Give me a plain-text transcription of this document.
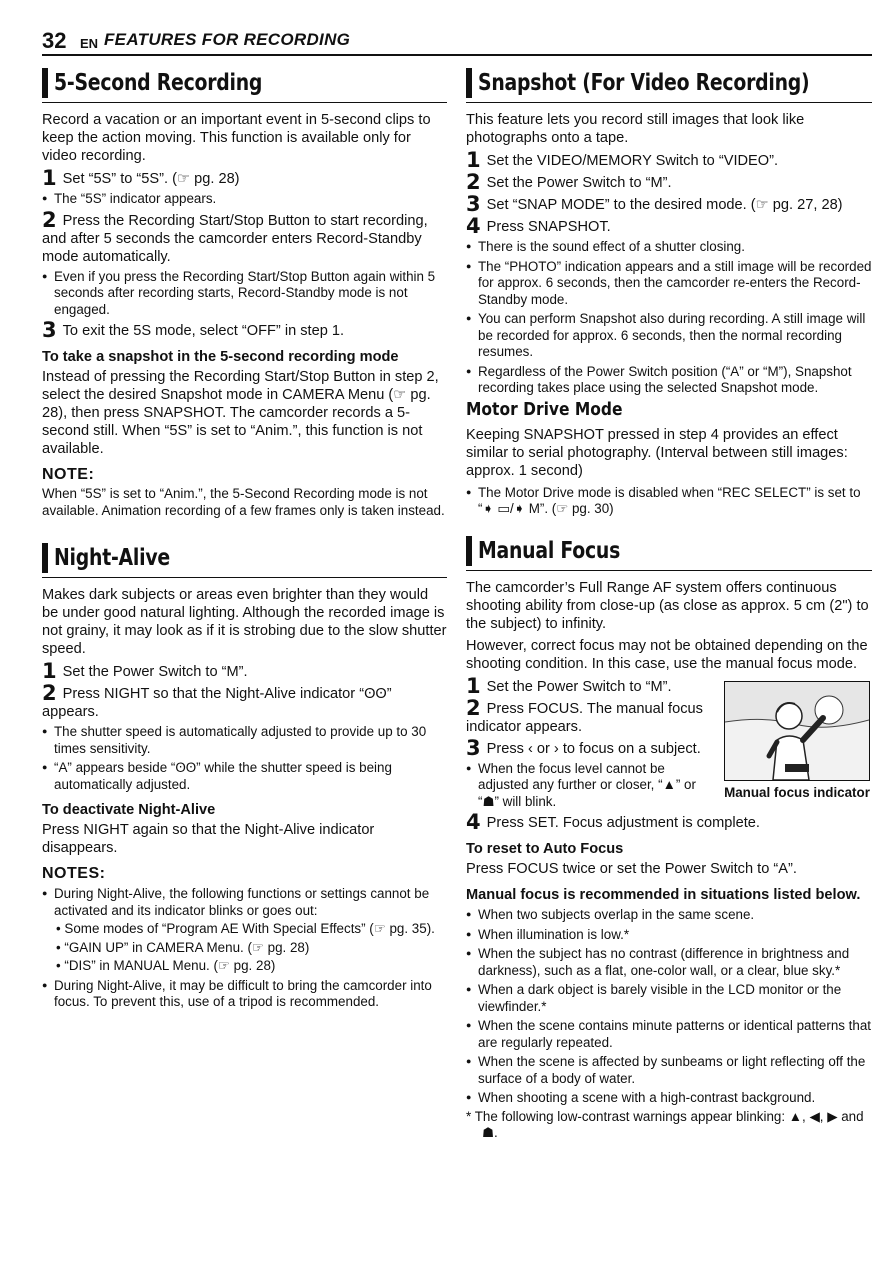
32 EN FEATURES FOR RECORDING
5-Second Recording

Record a vacation or an important event in 5-second clips to keep the action moving. This function is available only for video recording.

1 Set “5S” to “5S”. (☞ pg. 28)
● The “5S” indicator appears.
2 Press the Recording Start/Stop Button to start recording, and after 5 seconds the camcorder enters Record-Standby mode automatically.
● Even if you press the Recording Start/Stop Button again within 5 seconds after recording starts, Record-Standby mode is not engaged.
3 To exit the 5S mode, select “OFF” in step 1.
To take a snapshot in the 5-second recording mode

Instead of pressing the Recording Start/Stop Button in step 2, select the desired Snapshot mode in CAMERA Menu (☞ pg. 28), then press SNAPSHOT. The camcorder records a 5-second still. When “5S” is set to “Anim.”, this function is not available.

NOTE:

When “5S” is set to “Anim.”, the 5-Second Recording mode is not available. Animation recording of a few frames only is taken instead.

Night-Alive

Makes dark subjects or areas even brighter than they would be under good natural lighting. Although the recorded image is not grainy, it may look as if it is strobing due to the slow shutter speed.

1 Set the Power Switch to “M”.
2 Press NIGHT so that the Night-Alive indicator “ʘʘ” appears.
● The shutter speed is automatically adjusted to provide up to 30 times sensitivity.
● “A” appears beside “ʘʘ” while the shutter speed is being automatically adjusted.
To deactivate Night-Alive

Press NIGHT again so that the Night-Alive indicator disappears.

NOTES:
● During Night-Alive, the following functions or settings cannot be activated and its indicator blinks or goes out:
• Some modes of “Program AE With Special Effects” (☞ pg. 35).
• “GAIN UP” in CAMERA Menu. (☞ pg. 28)
• “DIS” in MANUAL Menu. (☞ pg. 28)
● During Night-Alive, it may be difficult to bring the camcorder into focus. To prevent this, use of a tripod is recommended.
Snapshot (For Video Recording)

This feature lets you record still images that look like photographs onto a tape.

1 Set the VIDEO/MEMORY Switch to “VIDEO”.
2 Set the Power Switch to “M”.
3 Set “SNAP MODE” to the desired mode. (☞ pg. 27, 28)
4 Press SNAPSHOT.
● There is the sound effect of a shutter closing.
● The “PHOTO” indication appears and a still image will be recorded for approx. 6 seconds, then the camcorder re-enters the Record-Standby mode.
● You can perform Snapshot also during recording. A still image will be recorded for approx. 6 seconds, then the normal recording resumes.
● Regardless of the Power Switch position (“A” or “M”), Snapshot recording takes place using the selected Snapshot mode.
Motor Drive Mode

Keeping SNAPSHOT pressed in step 4 provides an effect similar to serial photography. (Interval between still images: approx. 1 second)

● The Motor Drive mode is disabled when “REC SELECT” is set to “➧ ▭/➧ M”. (☞ pg. 30)
Manual Focus

The camcorder’s Full Range AF system offers continuous shooting ability from close-up (as close as approx. 5 cm (2") to the subject) to infinity.

However, correct focus may not be obtained depending on the shooting condition. In this case, use the manual focus mode.

Manual focus indicator
1 Set the Power Switch to “M”.
2 Press FOCUS. The manual focus indicator appears.
3 Press ‹ or › to focus on a subject.
● When the focus level cannot be adjusted any further or closer, “▲” or “☗” will blink.
4 Press SET. Focus adjustment is complete.
To reset to Auto Focus

Press FOCUS twice or set the Power Switch to “A”.

Manual focus is recommended in situations listed below.
● When two subjects overlap in the same scene.
● When illumination is low.*
● When the subject has no contrast (difference in brightness and darkness), such as a flat, one-color wall, or a clear, blue sky.*
● When a dark object is barely visible in the LCD monitor or the viewfinder.*
● When the scene contains minute patterns or identical patterns that are regularly repeated.
● When the scene is affected by sunbeams or light reflecting off the surface of a body of water.
● When shooting a scene with a high-contrast background.
* The following low-contrast warnings appear blinking: ▲, ◀, ▶ and ☗.
